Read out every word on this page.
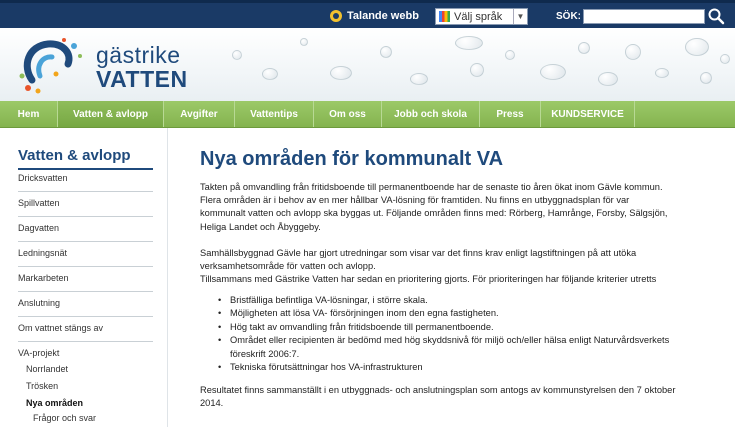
Talande webb	Välj språk	▼	SÖK:
gästrike
VATTEN
Hem	Vatten & avlopp	Avgifter	Vattentips	Om oss	Jobb och skola	Press	KUNDSERVICE
Vatten & avlopp
Dricksvatten
Spillvatten
Dagvatten
Ledningsnät
Markarbeten
Anslutning
Om vattnet stängs av
VA-projekt
Norrlandet
Trösken
Nya områden
Frågor och svar
Nya områden för kommunalt VA
Takten på omvandling från fritidsboende till permanentboende har de senaste tio åren ökat inom Gävle kommun.
Flera områden är i behov av en mer hållbar VA-lösning för framtiden. Nu finns en utbyggnadsplan för var
kommunalt vatten och avlopp ska byggas ut. Följande områden finns med: Rörberg, Hamrånge, Forsby, Sälgsjön,
Heliga Landet och Åbyggeby.
Samhällsbyggnad Gävle har gjort utredningar som visar var det finns krav enligt lagstiftningen på att utöka
verksamhetsområde för vatten och avlopp.
Tillsammans med Gästrike Vatten har sedan en prioritering gjorts. För prioriteringen har följande kriterier utretts
• Bristfälliga befintliga VA-lösningar, i större skala.
• Möjligheten att lösa VA- försörjningen inom den egna fastigheten.
• Hög takt av omvandling från fritidsboende till permanentboende.
• Området eller recipienten är bedömd med hög skyddsnivå för miljö och/eller hälsa enligt Naturvårdsverkets
föreskrift 2006:7.
• Tekniska förutsättningar hos VA-infrastrukturen
Resultatet finns sammanställt i en utbyggnads- och anslutningsplan som antogs av kommunstyrelsen den 7 oktober
2014.
